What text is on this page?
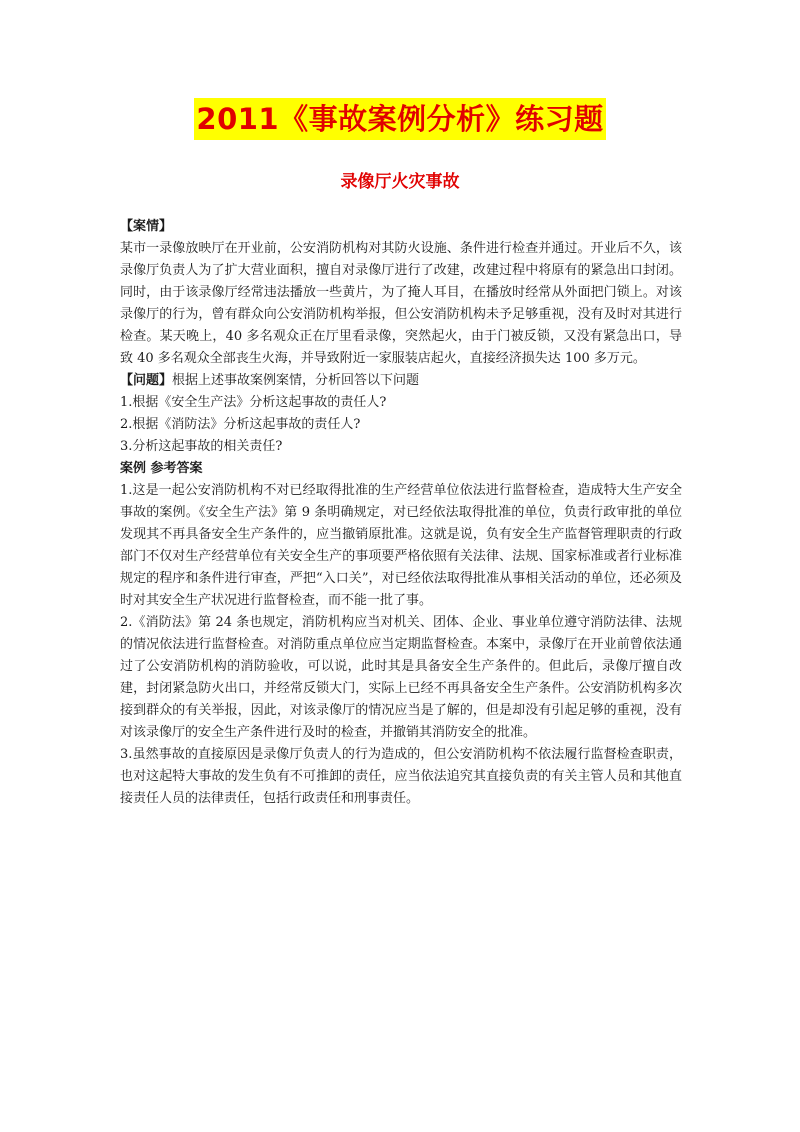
2011《事故案例分析》练习题
录像厅火灾事故

【案情】

某市一录像放映厅在开业前，公安消防机构对其防火设施、条件进行检查并通过。开业后不久，该录像厅负责人为了扩大营业面积，擅自对录像厅进行了改建，改建过程中将原有的紧急出口封闭。同时，由于该录像厅经常违法播放一些黄片，为了掩人耳目，在播放时经常从外面把门锁上。对该录像厅的行为，曾有群众向公安消防机构举报，但公安消防机构未予足够重视，没有及时对其进行检查。某天晚上，40 多名观众正在厅里看录像，突然起火，由于门被反锁，又没有紧急出口，导致 40 多名观众全部丧生火海，并导致附近一家服装店起火，直接经济损失达 100 多万元。

【问题】根据上述事故案例案情，分析回答以下问题

1.根据《安全生产法》分析这起事故的责任人?

2.根据《消防法》分析这起事故的责任人?

3.分析这起事故的相关责任?

案例 参考答案

1.这是一起公安消防机构不对已经取得批准的生产经营单位依法进行监督检查，造成特大生产安全事故的案例。《安全生产法》第 9 条明确规定，对已经依法取得批准的单位，负责行政审批的单位发现其不再具备安全生产条件的，应当撤销原批准。这就是说，负有安全生产监督管理职责的行政部门不仅对生产经营单位有关安全生产的事项要严格依照有关法律、法规、国家标准或者行业标准规定的程序和条件进行审查，严把“入口关”，对已经依法取得批准从事相关活动的单位，还必须及时对其安全生产状况进行监督检查，而不能一批了事。

2.《消防法》第 24 条也规定，消防机构应当对机关、团体、企业、事业单位遵守消防法律、法规的情况依法进行监督检查。对消防重点单位应当定期监督检查。本案中，录像厅在开业前曾依法通过了公安消防机构的消防验收，可以说，此时其是具备安全生产条件的。但此后，录像厅擅自改建，封闭紧急防火出口，并经常反锁大门，实际上已经不再具备安全生产条件。公安消防机构多次接到群众的有关举报，因此，对该录像厅的情况应当是了解的，但是却没有引起足够的重视，没有对该录像厅的安全生产条件进行及时的检查，并撤销其消防安全的批准。

3.虽然事故的直接原因是录像厅负责人的行为造成的，但公安消防机构不依法履行监督检查职责，也对这起特大事故的发生负有不可推卸的责任，应当依法追究其直接负责的有关主管人员和其他直接责任人员的法律责任，包括行政责任和刑事责任。
